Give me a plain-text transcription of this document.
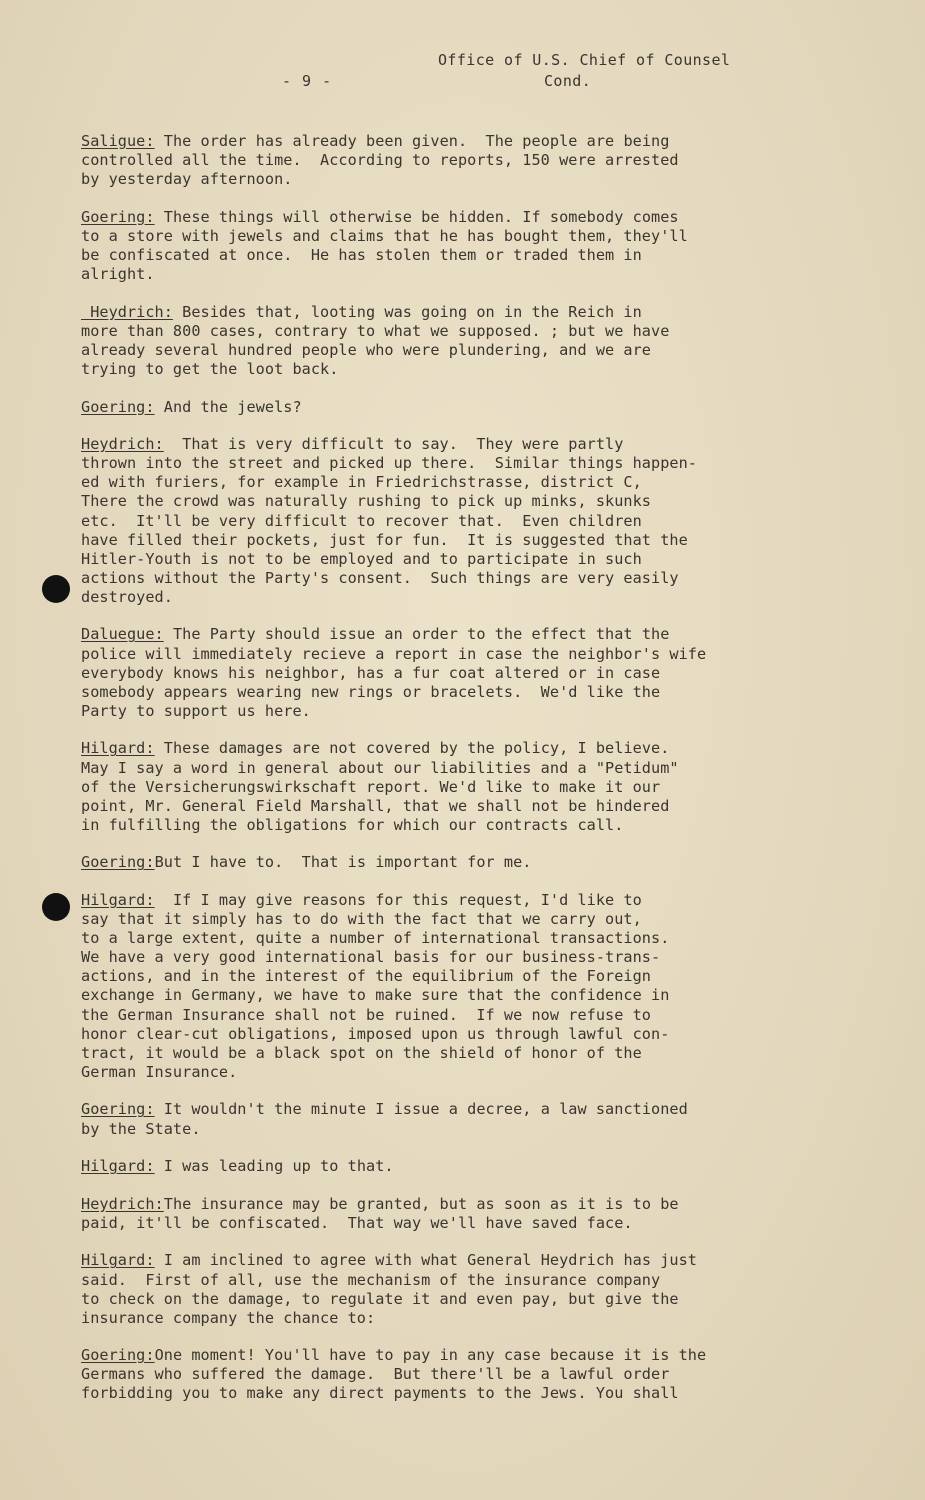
Office of U.S. Chief of Counsel
Cond.
- 9 -
Saligue: The order has already been given.  The people are being
controlled all the time.  According to reports, 150 were arrested
by yesterday afternoon.
Goering: These things will otherwise be hidden. If somebody comes
to a store with jewels and claims that he has bought them, they'll
be confiscated at once.  He has stolen them or traded them in
alright.
Heydrich: Besides that, looting was going on in the Reich in
more than 800 cases, contrary to what we supposed. ; but we have
already several hundred people who were plundering, and we are
trying to get the loot back.
Goering: And the jewels?
Heydrich:  That is very difficult to say.  They were partly
thrown into the street and picked up there.  Similar things happen-
ed with furiers, for example in Friedrichstrasse, district C,
There the crowd was naturally rushing to pick up minks, skunks
etc.  It'll be very difficult to recover that.  Even children
have filled their pockets, just for fun.  It is suggested that the
Hitler-Youth is not to be employed and to participate in such
actions without the Party's consent.  Such things are very easily
destroyed.
Daluegue: The Party should issue an order to the effect that the
police will immediately recieve a report in case the neighbor's wife
everybody knows his neighbor, has a fur coat altered or in case
somebody appears wearing new rings or bracelets.  We'd like the
Party to support us here.
Hilgard: These damages are not covered by the policy, I believe.
May I say a word in general about our liabilities and a "Petidum"
of the Versicherungswirkschaft report. We'd like to make it our
point, Mr. General Field Marshall, that we shall not be hindered
in fulfilling the obligations for which our contracts call.
Goering:But I have to.  That is important for me.
Hilgard:  If I may give reasons for this request, I'd like to
say that it simply has to do with the fact that we carry out,
to a large extent, quite a number of international transactions.
We have a very good international basis for our business-trans-
actions, and in the interest of the equilibrium of the Foreign
exchange in Germany, we have to make sure that the confidence in
the German Insurance shall not be ruined.  If we now refuse to
honor clear-cut obligations, imposed upon us through lawful con-
tract, it would be a black spot on the shield of honor of the
German Insurance.
Goering: It wouldn't the minute I issue a decree, a law sanctioned
by the State.
Hilgard: I was leading up to that.
Heydrich:The insurance may be granted, but as soon as it is to be
paid, it'll be confiscated.  That way we'll have saved face.
Hilgard: I am inclined to agree with what General Heydrich has just
said.  First of all, use the mechanism of the insurance company
to check on the damage, to regulate it and even pay, but give the
insurance company the chance to:
Goering:One moment! You'll have to pay in any case because it is the
Germans who suffered the damage.  But there'll be a lawful order
forbidding you to make any direct payments to the Jews. You shall
